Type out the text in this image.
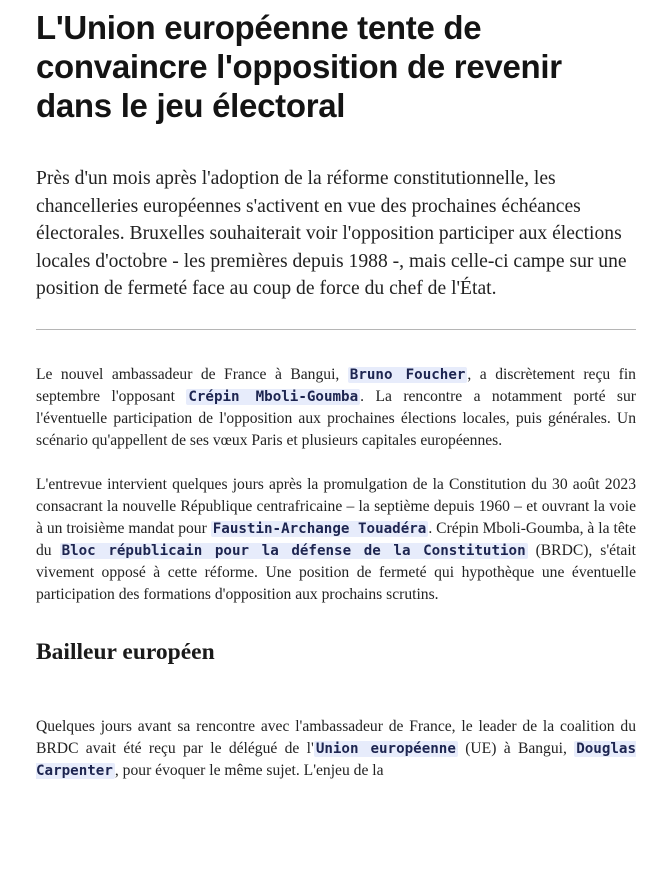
L'Union européenne tente de convaincre l'opposition de revenir dans le jeu électoral

Près d'un mois après l'adoption de la réforme constitutionnelle, les chancelleries européennes s'activent en vue des prochaines échéances électorales. Bruxelles souhaiterait voir l'opposition participer aux élections locales d'octobre - les premières depuis 1988 -, mais celle-ci campe sur une position de fermeté face au coup de force du chef de l'État.

Le nouvel ambassadeur de France à Bangui, Bruno Foucher , a discrètement reçu fin septembre l'opposant Crépin Mboli-Goumba . La rencontre a notamment porté sur l'éventuelle participation de l'opposition aux prochaines élections locales, puis générales. Un scénario qu'appellent de ses vœux Paris et plusieurs capitales européennes.

L'entrevue intervient quelques jours après la promulgation de la Constitution du 30 août 2023 consacrant la nouvelle République centrafricaine – la septième depuis 1960 – et ouvrant la voie à un troisième mandat pour Faustin-Archange Touadéra . Crépin Mboli-Goumba, à la tête du Bloc républicain pour la défense de la Constitution (BRDC), s'était vivement opposé à cette réforme. Une position de fermeté qui hypothèque une éventuelle participation des formations d'opposition aux prochains scrutins.

Bailleur européen

Quelques jours avant sa rencontre avec l'ambassadeur de France, le leader de la coalition du BRDC avait été reçu par le délégué de l' Union européenne (UE) à Bangui, Douglas Carpenter , pour évoquer le même sujet. L'enjeu de la
